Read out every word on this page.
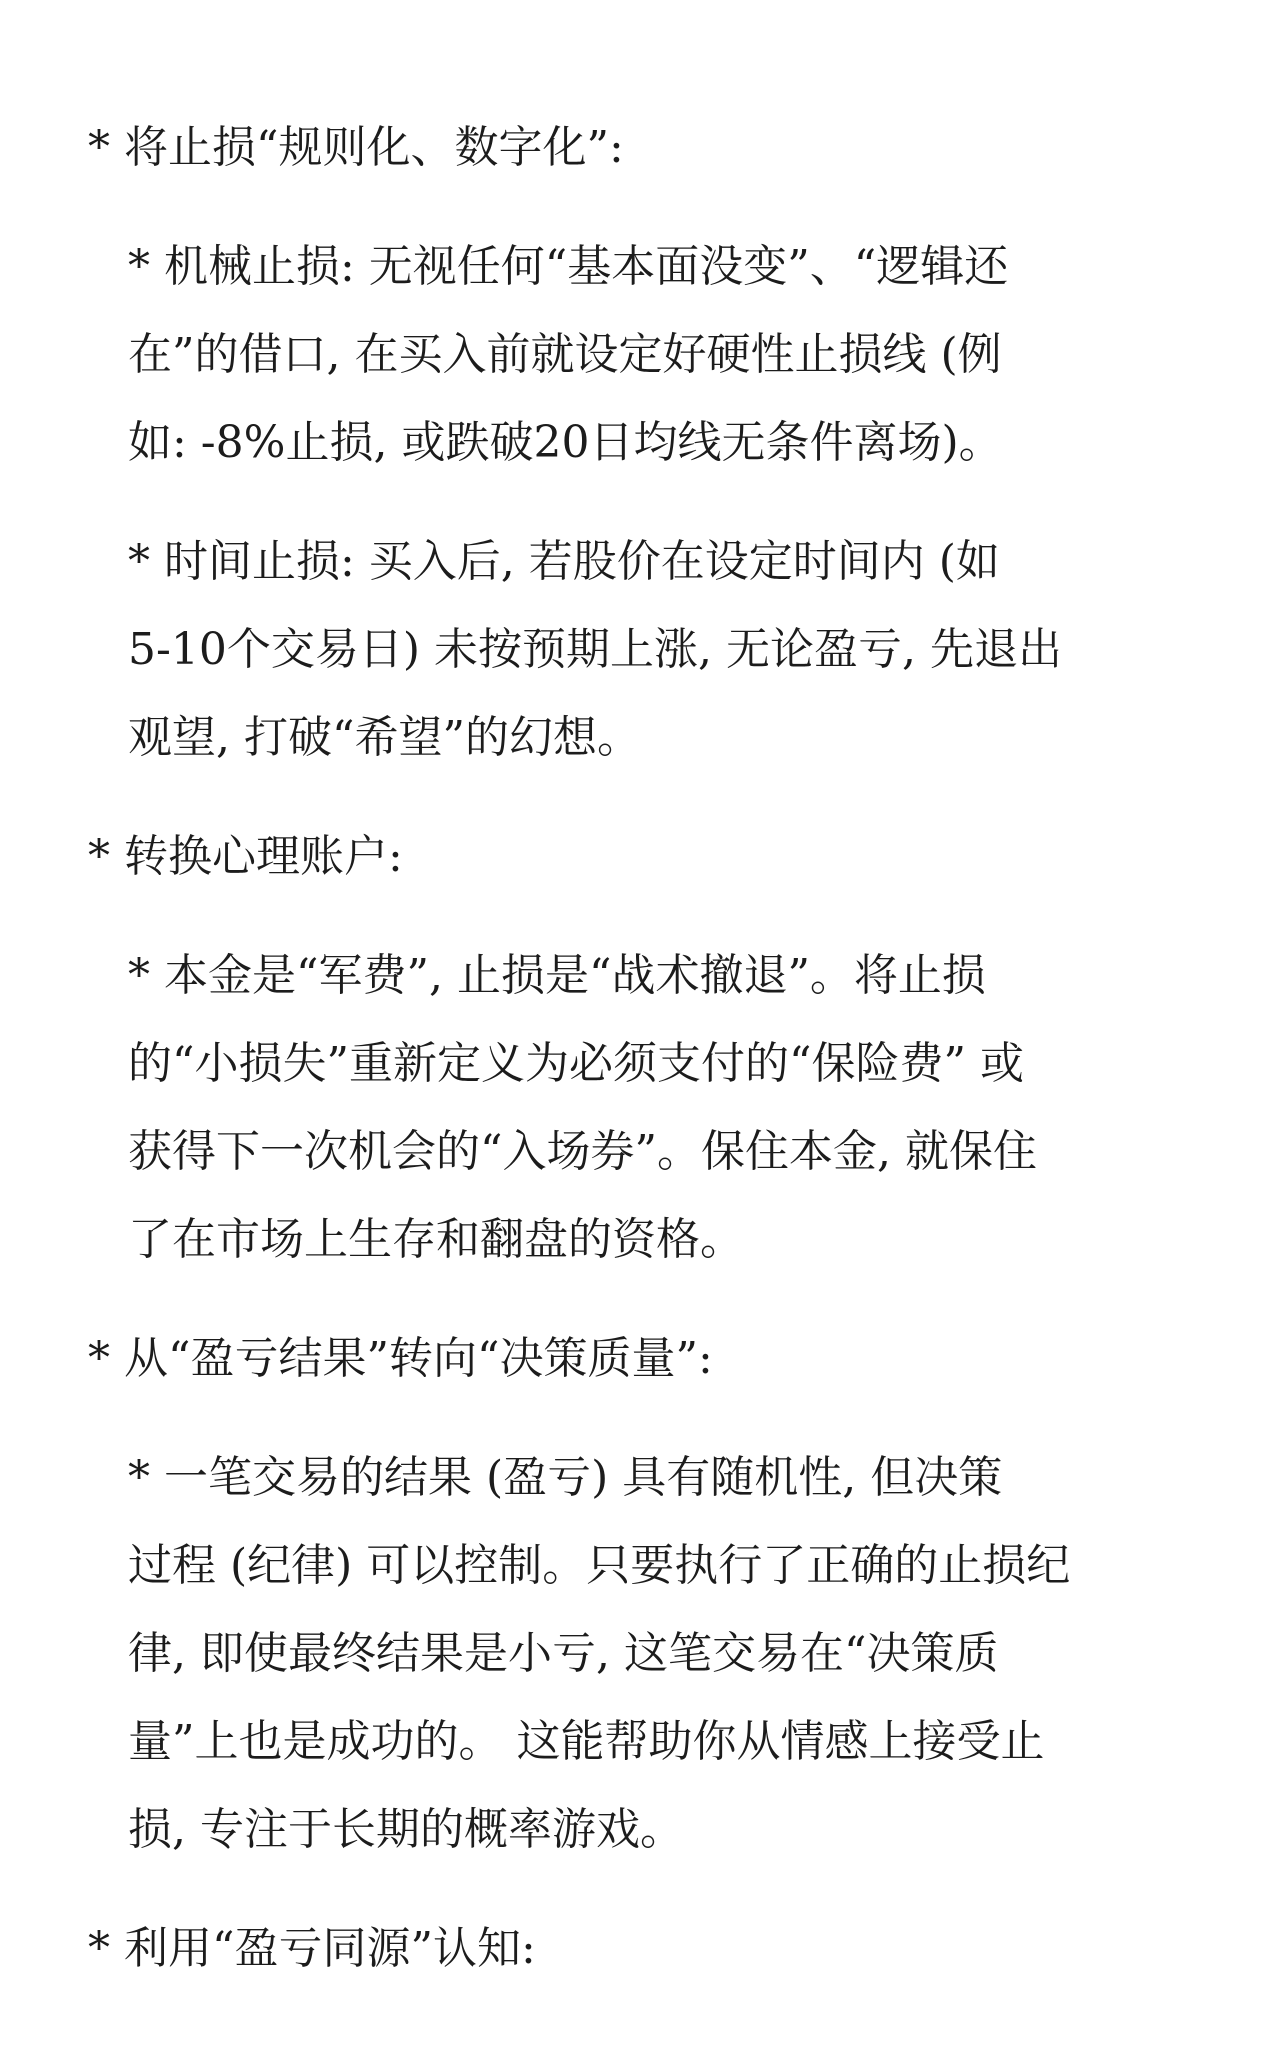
* 将止损“规则化、数字化”:

* 机械止损: 无视任何“基本面没变”、“逻辑还
在”的借口, 在买入前就设定好硬性止损线 (例
如: -8%止损, 或跌破20日均线无条件离场)。

* 时间止损: 买入后, 若股价在设定时间内 (如
5-10个交易日) 未按预期上涨, 无论盈亏, 先退出
观望, 打破“希望”的幻想。

* 转换心理账户:

* 本金是“军费”, 止损是“战术撤退”。将止损
的“小损失”重新定义为必须支付的“保险费” 或
获得下一次机会的“入场券”。保住本金, 就保住
了在市场上生存和翻盘的资格。

* 从“盈亏结果”转向“决策质量”:

* 一笔交易的结果 (盈亏) 具有随机性, 但决策
过程 (纪律) 可以控制。只要执行了正确的止损纪
律, 即使最终结果是小亏, 这笔交易在“决策质
量”上也是成功的。 这能帮助你从情感上接受止
损, 专注于长期的概率游戏。

* 利用“盈亏同源”认知:
